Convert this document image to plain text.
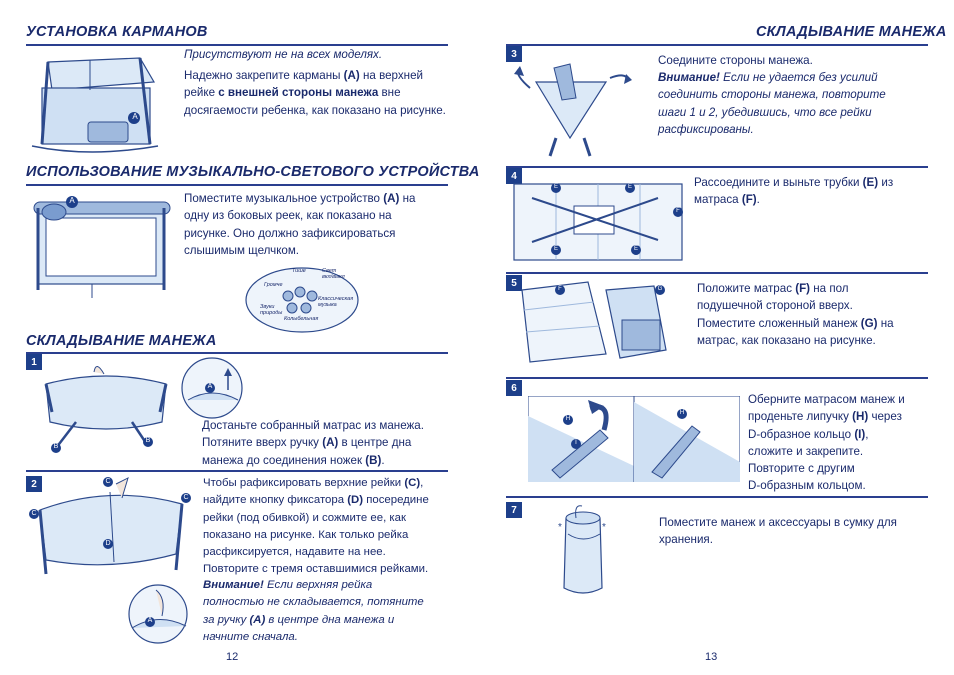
УСТАНОВКА КАРМАНОВ
A
Присутствуют не на всех моделях.
Надежно закрепите карманы (A) на верхней
рейке с внешней стороны манежа вне
досягаемости ребенка, как показано на рисунке.
ИСПОЛЬЗОВАНИЕ МУЗЫКАЛЬНО-СВЕТОВОГО УСТРОЙСТВА
A	Поместите музыкальное устройство (A) на
одну из боковых реек, как показано на
рисунке. Оно должно зафиксироваться
слышимым щелчком.
Тише	Свет вкл/выкл
Громче
Классическая музыка
Звуки природы
Колыбельная
СКЛАДЫВАНИЕ МАНЕЖА
1
B
B
A
Достаньте собранный матрас из манежа.
Потяните вверх ручку (A) в центре дна
манежа до соединения ножек (B).
2
C
C
C
D
A
Чтобы рафиксировать верхние рейки (C),
найдите кнопку фиксатора (D) посередине
рейки (под обивкой) и сожмите ее, как
показано на рисунке. Как только рейка
расфиксируется, надавите на нее.
Повторите с тремя оставшимися рейками.
Внимание! Если верхняя рейка
полностью не складывается, потяните
за ручку (A) в центре дна манежа и
начните сначала.
12
СКЛАДЫВАНИЕ МАНЕЖА
3	Соедините стороны манежа.
Внимание! Если не удается без усилий
соединить стороны манежа, повторите
шаги 1 и 2, убедившись, что все рейки
расфиксированы.
4
E	E
E	E
F
Рассоедините и выньте трубки (E) из
матраса (F).
5
F	G	Положите матрас (F) на пол
подушечной стороной вверх.
Поместите сложенный манеж (G) на
матрас, как показано на рисунке.
6
H
I
H
Оберните матрасом манеж и
проденьте липучку (H) через
D-образное кольцо (I),
сложите и закрепите.
Повторите с другим
D-образным кольцом.
7
*	*	Поместите манеж и аксессуары в сумку для
хранения.
13
